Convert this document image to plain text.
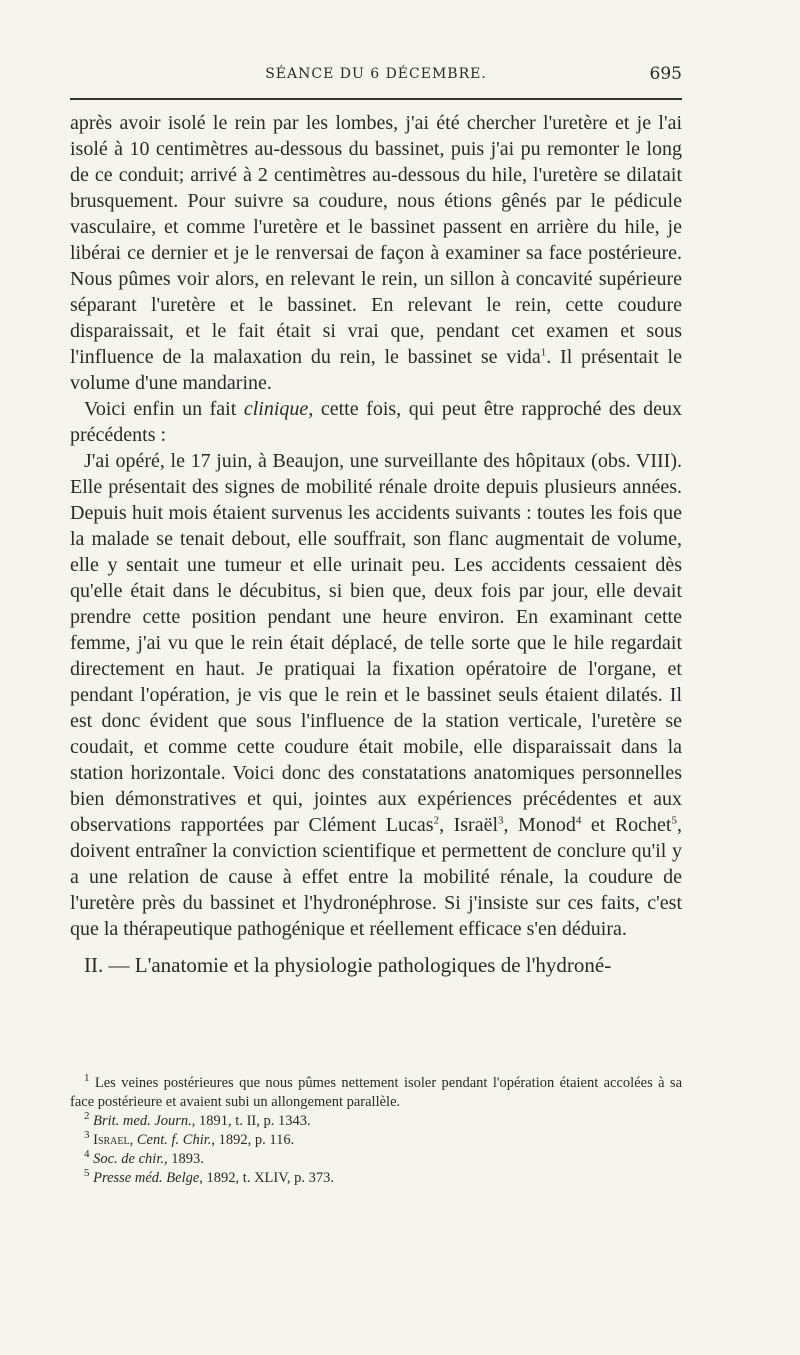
SÉANCE DU 6 DÉCEMBRE.	695

après avoir isolé le rein par les lombes, j'ai été chercher l'uretère et je l'ai isolé à 10 centimètres au-dessous du bassinet, puis j'ai pu remonter le long de ce conduit; arrivé à 2 centimètres au-dessous du hile, l'uretère se dilatait brusquement. Pour suivre sa coudure, nous étions gênés par le pédicule vasculaire, et comme l'uretère et le bassinet passent en arrière du hile, je libérai ce dernier et je le renversai de façon à examiner sa face postérieure. Nous pûmes voir alors, en relevant le rein, un sillon à concavité supérieure séparant l'uretère et le bassinet. En relevant le rein, cette coudure disparaissait, et le fait était si vrai que, pendant cet examen et sous l'influence de la malaxation du rein, le bassinet se vida$^1$. Il présentait le volume d'une mandarine.

Voici enfin un fait clinique, cette fois, qui peut être rapproché des deux précédents :

J'ai opéré, le 17 juin, à Beaujon, une surveillante des hôpitaux (obs. VIII). Elle présentait des signes de mobilité rénale droite depuis plusieurs années. Depuis huit mois étaient survenus les accidents suivants : toutes les fois que la malade se tenait debout, elle souffrait, son flanc augmentait de volume, elle y sentait une tumeur et elle urinait peu. Les accidents cessaient dès qu'elle était dans le décubitus, si bien que, deux fois par jour, elle devait prendre cette position pendant une heure environ. En examinant cette femme, j'ai vu que le rein était déplacé, de telle sorte que le hile regardait directement en haut. Je pratiquai la fixation opératoire de l'organe, et pendant l'opération, je vis que le rein et le bassinet seuls étaient dilatés. Il est donc évident que sous l'influence de la station verticale, l'uretère se coudait, et comme cette coudure était mobile, elle disparaissait dans la station horizontale. Voici donc des constatations anatomiques personnelles bien démonstratives et qui, jointes aux expériences précédentes et aux observations rapportées par Clément Lucas$^2$, Israël$^3$, Monod$^4$ et Rochet$^5$, doivent entraîner la conviction scientifique et permettent de conclure qu'il y a une relation de cause à effet entre la mobilité rénale, la coudure de l'uretère près du bassinet et l'hydronéphrose. Si j'insiste sur ces faits, c'est que la thérapeutique pathogénique et réellement efficace s'en déduira.

II. — L'anatomie et la physiologie pathologiques de l'hydroné-

$^1$ Les veines postérieures que nous pûmes nettement isoler pendant l'opération étaient accolées à sa face postérieure et avaient subi un allongement parallèle.

$^2$ Brit. med. Journ., 1891, t. II, p. 1343.

$^3$ Israel, Cent. f. Chir., 1892, p. 116.

$^4$ Soc. de chir., 1893.

$^5$ Presse méd. Belge, 1892, t. XLIV, p. 373.
